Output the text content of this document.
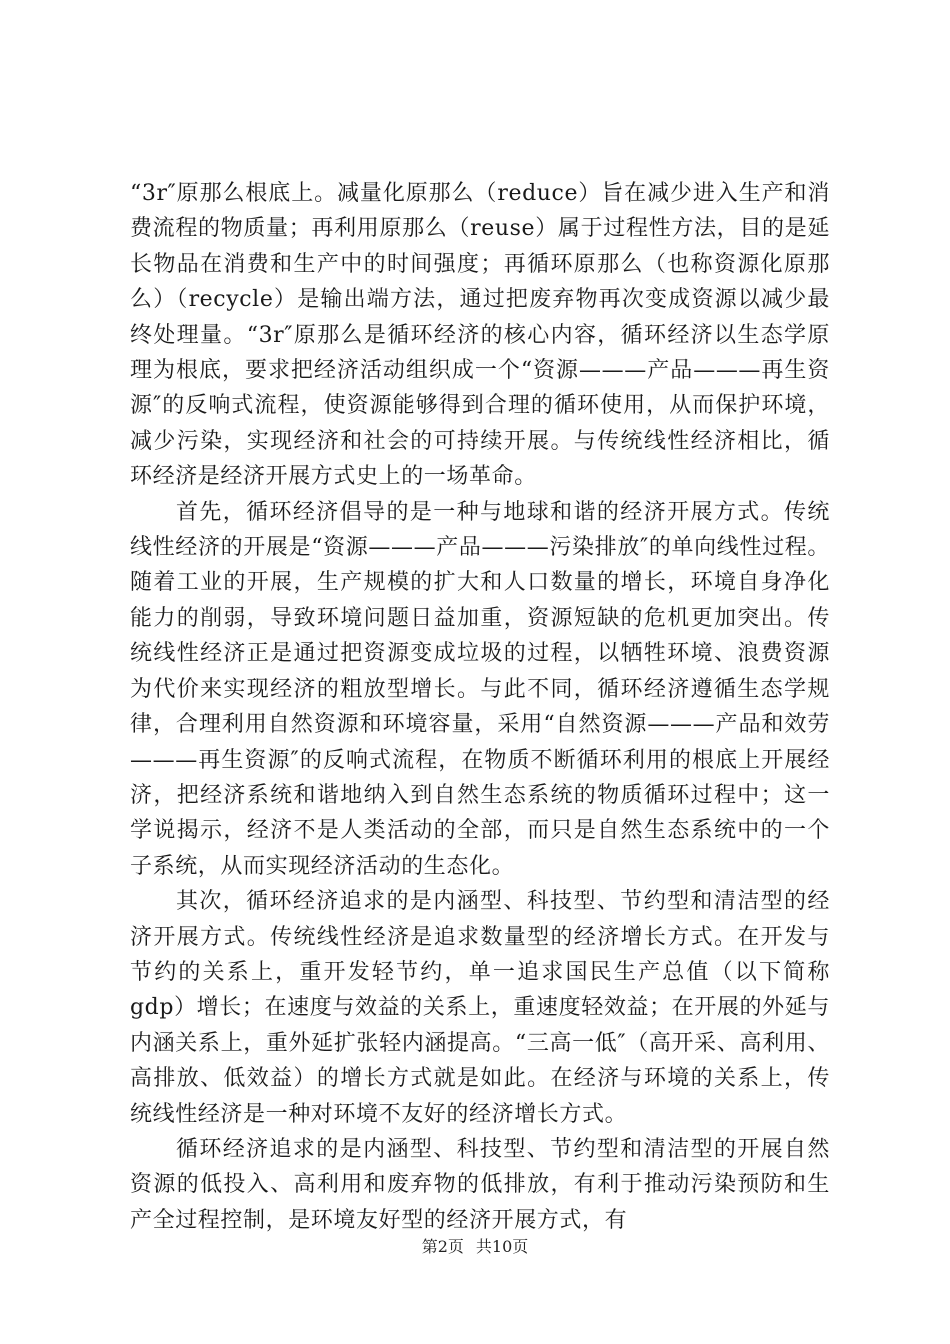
“3r″原那么根底上。减量化原那么（reduce）旨在减少进入生产和消费流程的物质量；再利用原那么（reuse）属于过程性方法，目的是延长物品在消费和生产中的时间强度；再循环原那么（也称资源化原那么）（recycle）是输出端方法，通过把废弃物再次变成资源以减少最终处理量。“3r″原那么是循环经济的核心内容，循环经济以生态学原理为根底，要求把经济活动组织成一个“资源———产品———再生资源″的反响式流程，使资源能够得到合理的循环使用，从而保护环境，减少污染，实现经济和社会的可持续开展。与传统线性经济相比，循环经济是经济开展方式史上的一场革命。

首先，循环经济倡导的是一种与地球和谐的经济开展方式。传统线性经济的开展是“资源———产品———污染排放″的单向线性过程。随着工业的开展，生产规模的扩大和人口数量的增长，环境自身净化能力的削弱，导致环境问题日益加重，资源短缺的危机更加突出。传统线性经济正是通过把资源变成垃圾的过程，以牺牲环境、浪费资源为代价来实现经济的粗放型增长。与此不同，循环经济遵循生态学规律，合理利用自然资源和环境容量，采用“自然资源———产品和效劳———再生资源″的反响式流程，在物质不断循环利用的根底上开展经济，把经济系统和谐地纳入到自然生态系统的物质循环过程中；这一学说揭示，经济不是人类活动的全部，而只是自然生态系统中的一个子系统，从而实现经济活动的生态化。

其次，循环经济追求的是内涵型、科技型、节约型和清洁型的经济开展方式。传统线性经济是追求数量型的经济增长方式。在开发与节约的关系上，重开发轻节约，单一追求国民生产总值（以下简称gdp）增长；在速度与效益的关系上，重速度轻效益；在开展的外延与内涵关系上，重外延扩张轻内涵提高。“三高一低″（高开采、高利用、高排放、低效益）的增长方式就是如此。在经济与环境的关系上，传统线性经济是一种对环境不友好的经济增长方式。

循环经济追求的是内涵型、科技型、节约型和清洁型的开展自然资源的低投入、高利用和废弃物的低排放，有利于推动污染预防和生产全过程控制，是环境友好型的经济开展方式，有

第2页 共10页
